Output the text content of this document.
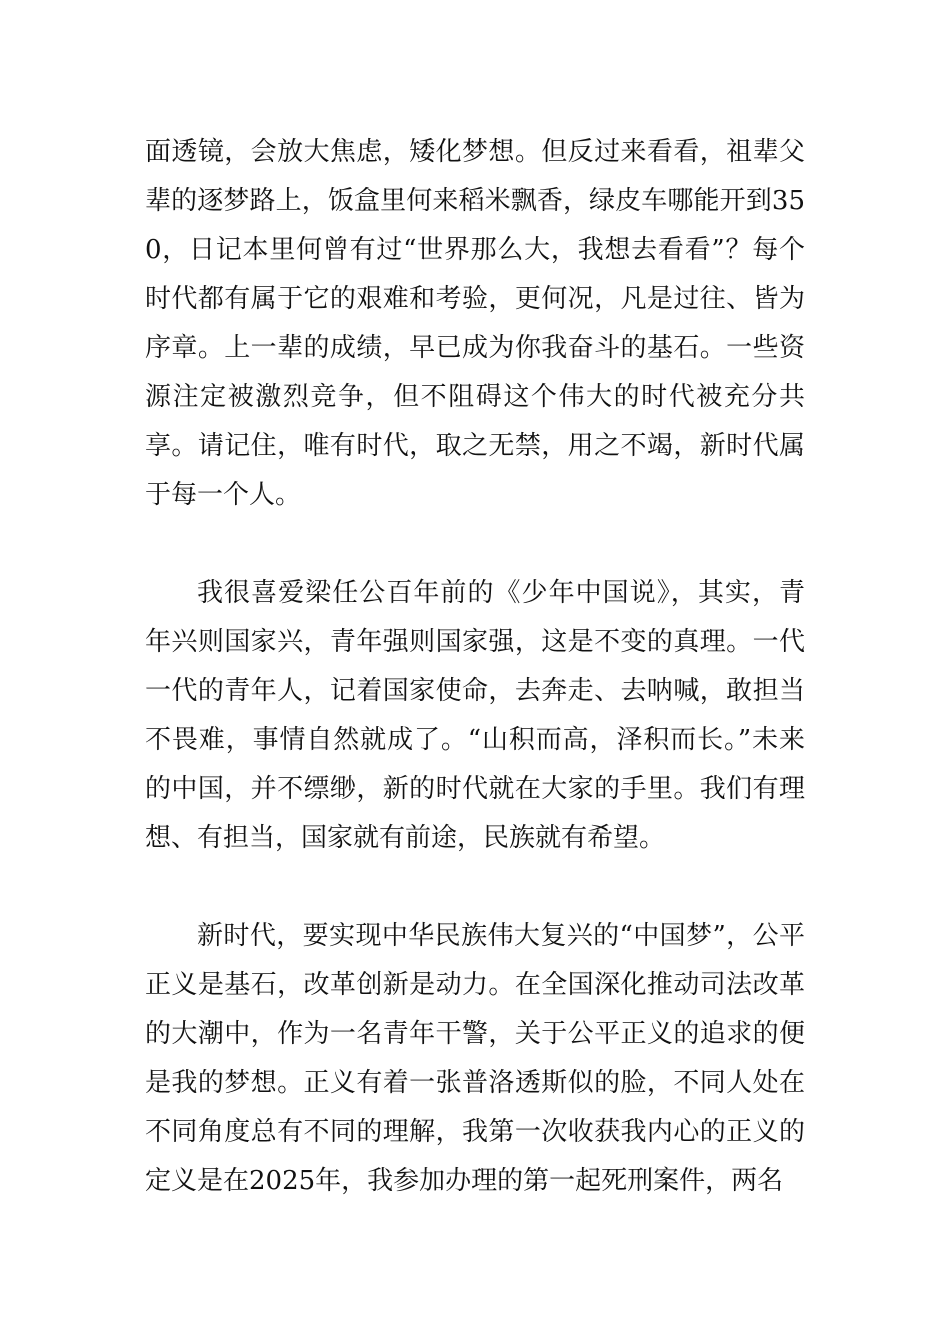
面透镜，会放大焦虑，矮化梦想。但反过来看看，祖辈父辈的逐梦路上，饭盒里何来稻米飘香，绿皮车哪能开到350，日记本里何曾有过“世界那么大，我想去看看”？每个时代都有属于它的艰难和考验，更何况，凡是过往、皆为序章。上一辈的成绩，早已成为你我奋斗的基石。一些资源注定被激烈竞争，但不阻碍这个伟大的时代被充分共享。请记住，唯有时代，取之无禁，用之不竭，新时代属于每一个人。

我很喜爱梁任公百年前的《少年中国说》，其实，青年兴则国家兴，青年强则国家强，这是不变的真理。一代一代的青年人，记着国家使命，去奔走、去呐喊，敢担当不畏难，事情自然就成了。“山积而高，泽积而长。”未来的中国，并不缥缈，新的时代就在大家的手里。我们有理想、有担当，国家就有前途，民族就有希望。

新时代，要实现中华民族伟大复兴的“中国梦”，公平正义是基石，改革创新是动力。在全国深化推动司法改革的大潮中，作为一名青年干警，关于公平正义的追求的便是我的梦想。正义有着一张普洛透斯似的脸，不同人处在不同角度总有不同的理解，我第一次收获我内心的正义的定义是在2025年，我参加办理的第一起死刑案件，两名
